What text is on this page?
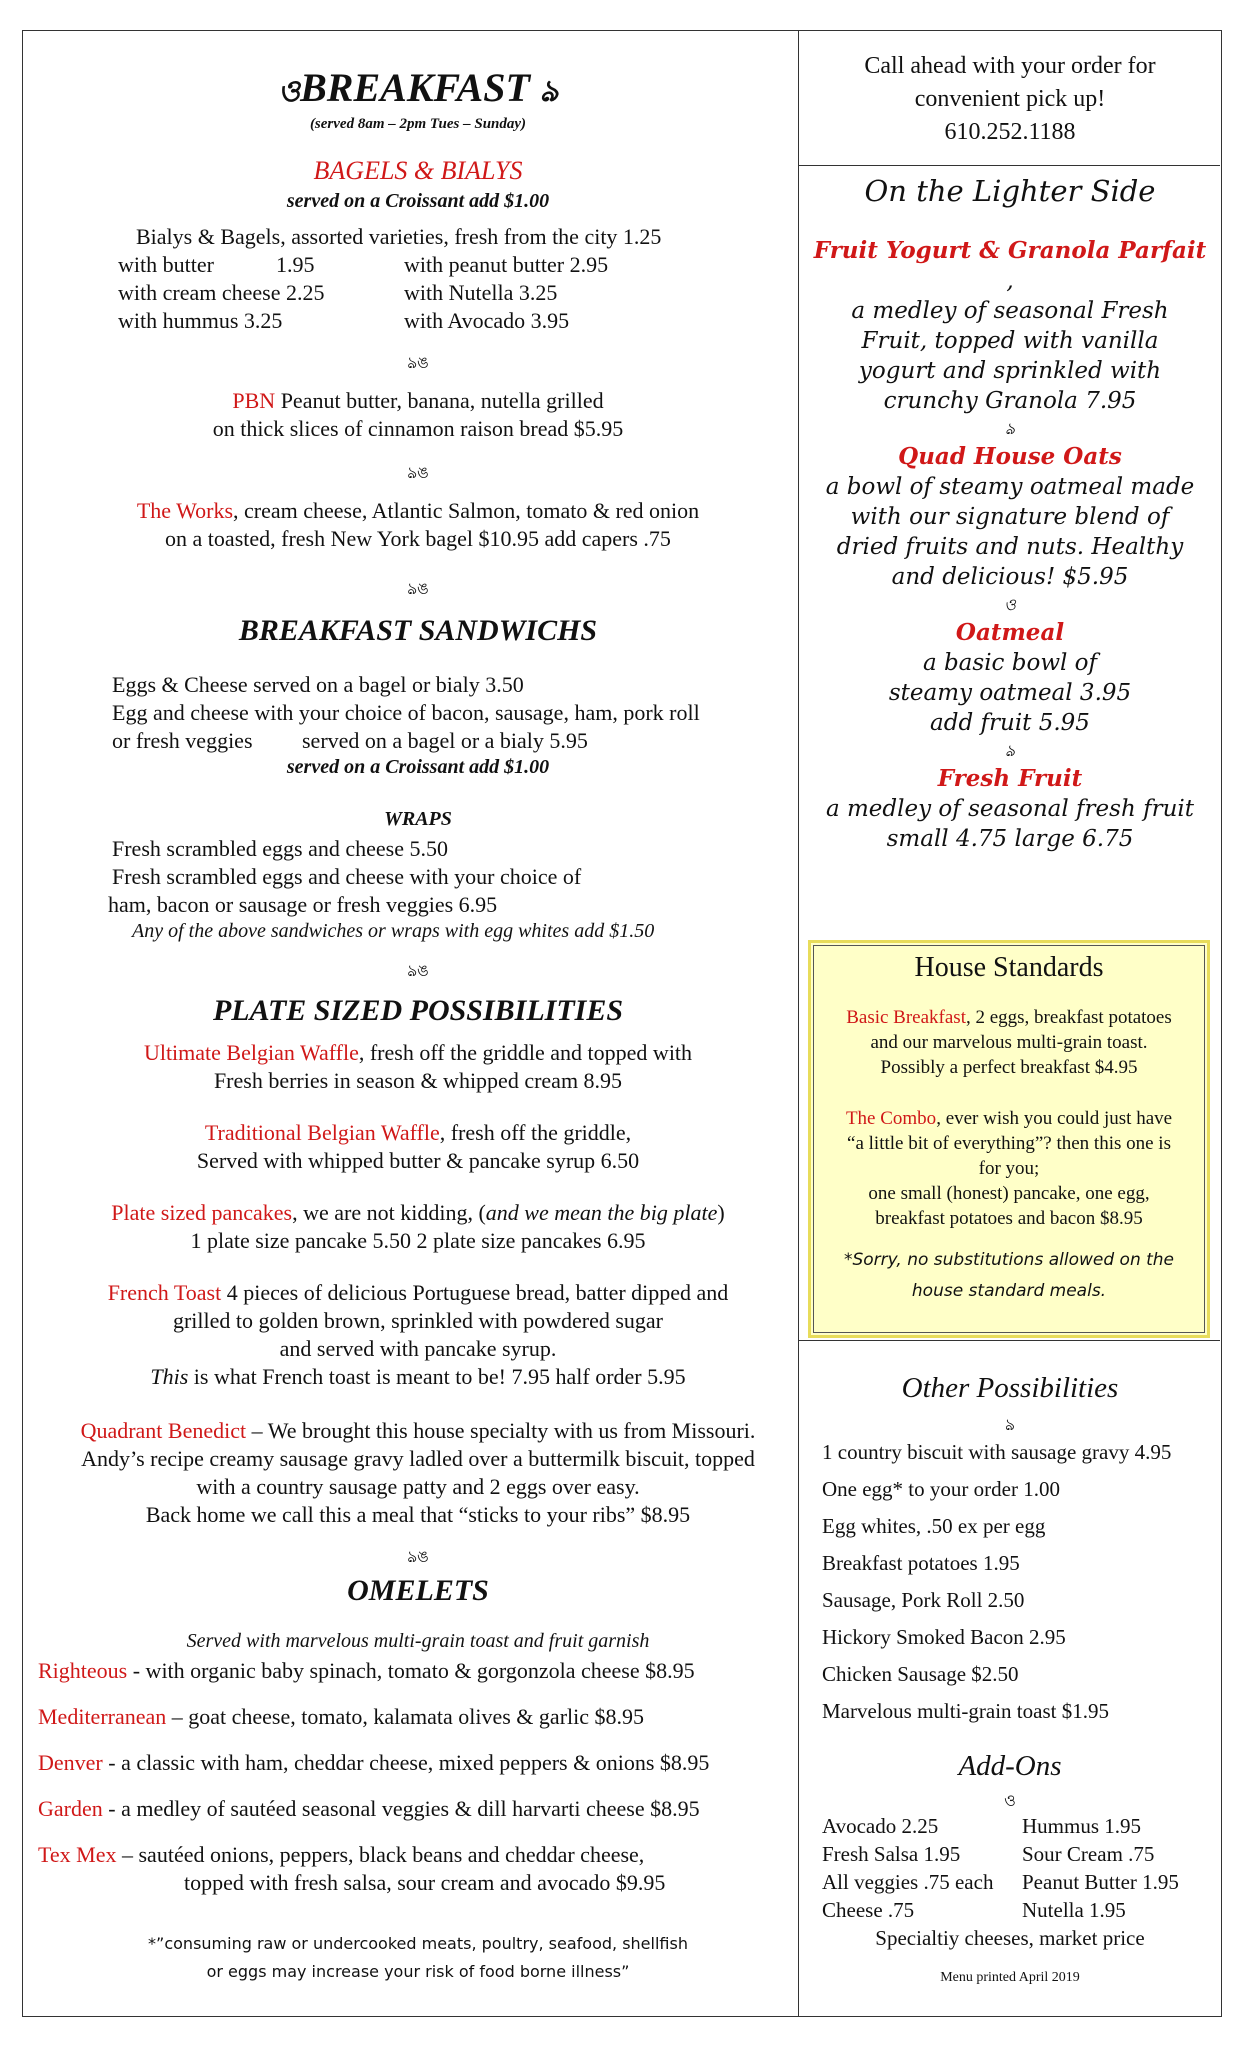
ওBREAKFAST ঌ
(served 8am – 2pm Tues – Sunday)
BAGELS & BIALYS
served on a Croissant add $1.00
Bialys & Bagels, assorted varieties, fresh from the city 1.25
with butter	1.95	with peanut butter 2.95
with cream cheese 2.25	with Nutella 3.25
with hummus 3.25	with Avocado 3.95
ঌঙ
PBN Peanut butter, banana, nutella grilled
on thick slices of cinnamon raison bread $5.95
ঌঙ
The Works, cream cheese, Atlantic Salmon, tomato & red onion
on a toasted, fresh New York bagel $10.95 add capers .75
ঌঙ
BREAKFAST SANDWICHS
Eggs & Cheese served on a bagel or bialy 3.50
Egg and cheese with your choice of bacon, sausage, ham, pork roll
or fresh veggies served on a bagel or a bialy 5.95
served on a Croissant add $1.00
WRAPS
Fresh scrambled eggs and cheese 5.50
Fresh scrambled eggs and cheese with your choice of
ham, bacon or sausage or fresh veggies 6.95
Any of the above sandwiches or wraps with egg whites add $1.50
ঌঙ
PLATE SIZED POSSIBILITIES
Ultimate Belgian Waffle, fresh off the griddle and topped with
Fresh berries in season & whipped cream 8.95
Traditional Belgian Waffle, fresh off the griddle,
Served with whipped butter & pancake syrup 6.50
Plate sized pancakes, we are not kidding, (and we mean the big plate)
1 plate size pancake 5.50 2 plate size pancakes 6.95
French Toast 4 pieces of delicious Portuguese bread, batter dipped and
grilled to golden brown, sprinkled with powdered sugar
and served with pancake syrup.
This is what French toast is meant to be! 7.95 half order 5.95
Quadrant Benedict – We brought this house specialty with us from Missouri.
Andy’s recipe creamy sausage gravy ladled over a buttermilk biscuit, topped
with a country sausage patty and 2 eggs over easy.
Back home we call this a meal that “sticks to your ribs” $8.95
ঌঙ
OMELETS
Served with marvelous multi-grain toast and fruit garnish
Righteous - with organic baby spinach, tomato & gorgonzola cheese $8.95
Mediterranean – goat cheese, tomato, kalamata olives & garlic $8.95
Denver - a classic with ham, cheddar cheese, mixed peppers & onions $8.95
Garden - a medley of sautéed seasonal veggies & dill harvarti cheese $8.95
Tex Mex – sautéed onions, peppers, black beans and cheddar cheese,
topped with fresh salsa, sour cream and avocado $9.95
*”consuming raw or undercooked meats, poultry, seafood, shellfish
or eggs may increase your risk of food borne illness”
Call ahead with your order for
convenient pick up!
610.252.1188
On the Lighter Side
Fruit Yogurt & Granola Parfait
,
a medley of seasonal Fresh
Fruit, topped with vanilla
yogurt and sprinkled with
crunchy Granola 7.95
ঌ
Quad House Oats
a bowl of steamy oatmeal made
with our signature blend of
dried fruits and nuts. Healthy
and delicious! $5.95
ও
Oatmeal
a basic bowl of
steamy oatmeal 3.95
add fruit 5.95
ঌ
Fresh Fruit
a medley of seasonal fresh fruit
small 4.75 large 6.75
House Standards
Basic Breakfast, 2 eggs, breakfast potatoes
and our marvelous multi-grain toast.
Possibly a perfect breakfast $4.95
The Combo, ever wish you could just have
“a little bit of everything”? then this one is
for you;
one small (honest) pancake, one egg,
breakfast potatoes and bacon $8.95
*Sorry, no substitutions allowed on the
house standard meals.
Other Possibilities
ঌ
1 country biscuit with sausage gravy 4.95
One egg* to your order 1.00
Egg whites, .50 ex per egg
Breakfast potatoes 1.95
Sausage, Pork Roll 2.50
Hickory Smoked Bacon 2.95
Chicken Sausage $2.50
Marvelous multi-grain toast $1.95
Add-Ons
ও
Avocado 2.25	Hummus 1.95
Fresh Salsa 1.95	Sour Cream .75
All veggies .75 each	Peanut Butter 1.95
Cheese .75	Nutella 1.95
Specialtiy cheeses, market price
Menu printed April 2019
